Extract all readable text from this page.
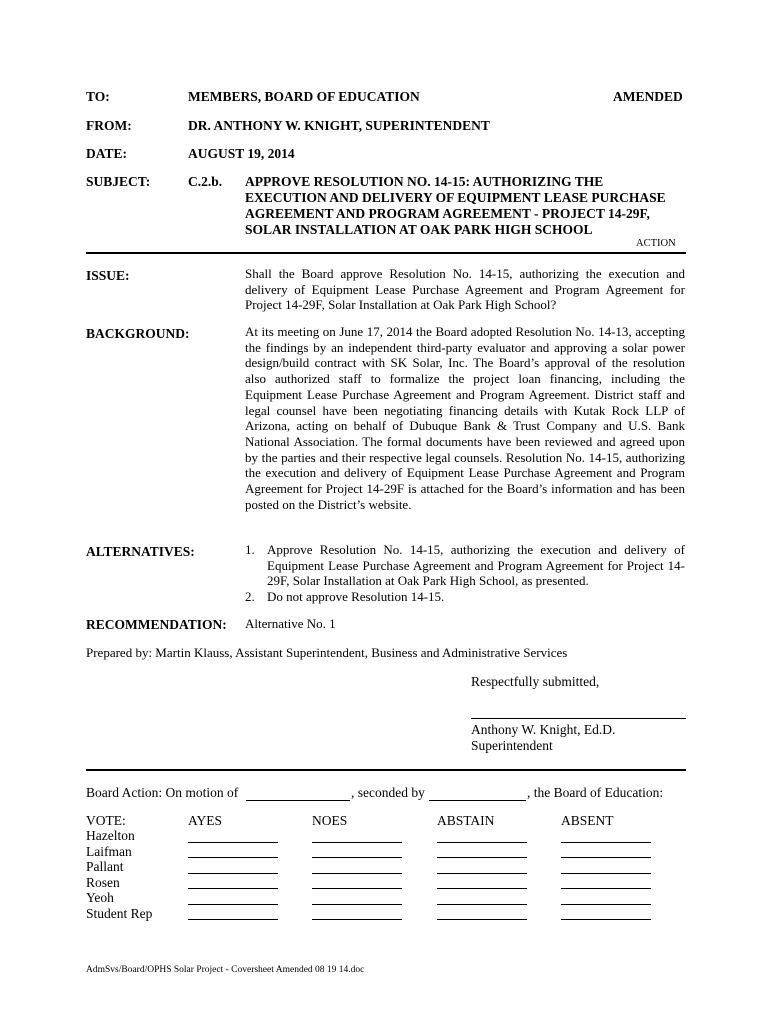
TO:	MEMBERS, BOARD OF EDUCATION	AMENDED
FROM:	DR. ANTHONY W. KNIGHT, SUPERINTENDENT
DATE:	AUGUST 19, 2014
SUBJECT:	C.2.b. APPROVE RESOLUTION NO. 14-15: AUTHORIZING THE
EXECUTION AND DELIVERY OF EQUIPMENT LEASE PURCHASE
AGREEMENT AND PROGRAM AGREEMENT - PROJECT 14-29F,
SOLAR INSTALLATION AT OAK PARK HIGH SCHOOL
ACTION
ISSUE:	Shall the Board approve Resolution No. 14-15, authorizing the execution and delivery of Equipment Lease Purchase Agreement and Program Agreement for Project 14-29F, Solar Installation at Oak Park High School?
BACKGROUND:	At its meeting on June 17, 2014 the Board adopted Resolution No. 14-13, accepting the findings by an independent third-party evaluator and approving a solar power design/build contract with SK Solar, Inc. The Board’s approval of the resolution also authorized staff to formalize the project loan financing, including the Equipment Lease Purchase Agreement and Program Agreement. District staff and legal counsel have been negotiating financing details with Kutak Rock LLP of Arizona, acting on behalf of Dubuque Bank & Trust Company and U.S. Bank National Association. The formal documents have been reviewed and agreed upon by the parties and their respective legal counsels. Resolution No. 14-15, authorizing the execution and delivery of Equipment Lease Purchase Agreement and Program Agreement for Project 14-29F is attached for the Board’s information and has been posted on the District’s website.
ALTERNATIVES:	1. Approve Resolution No. 14-15, authorizing the execution and delivery of Equipment Lease Purchase Agreement and Program Agreement for Project 14-29F, Solar Installation at Oak Park High School, as presented.
2. Do not approve Resolution 14-15.
RECOMMENDATION: Alternative No. 1
Prepared by: Martin Klauss, Assistant Superintendent, Business and Administrative Services
Respectfully submitted,
Anthony W. Knight, Ed.D.
Superintendent
Board Action: On motion of	, seconded by	, the Board of Education:
VOTE:	AYES	NOES	ABSTAIN	ABSENT
Hazelton
Laifman
Pallant
Rosen
Yeoh
Student Rep
AdmSvs/Board/OPHS Solar Project - Coversheet Amended 08 19 14.doc
